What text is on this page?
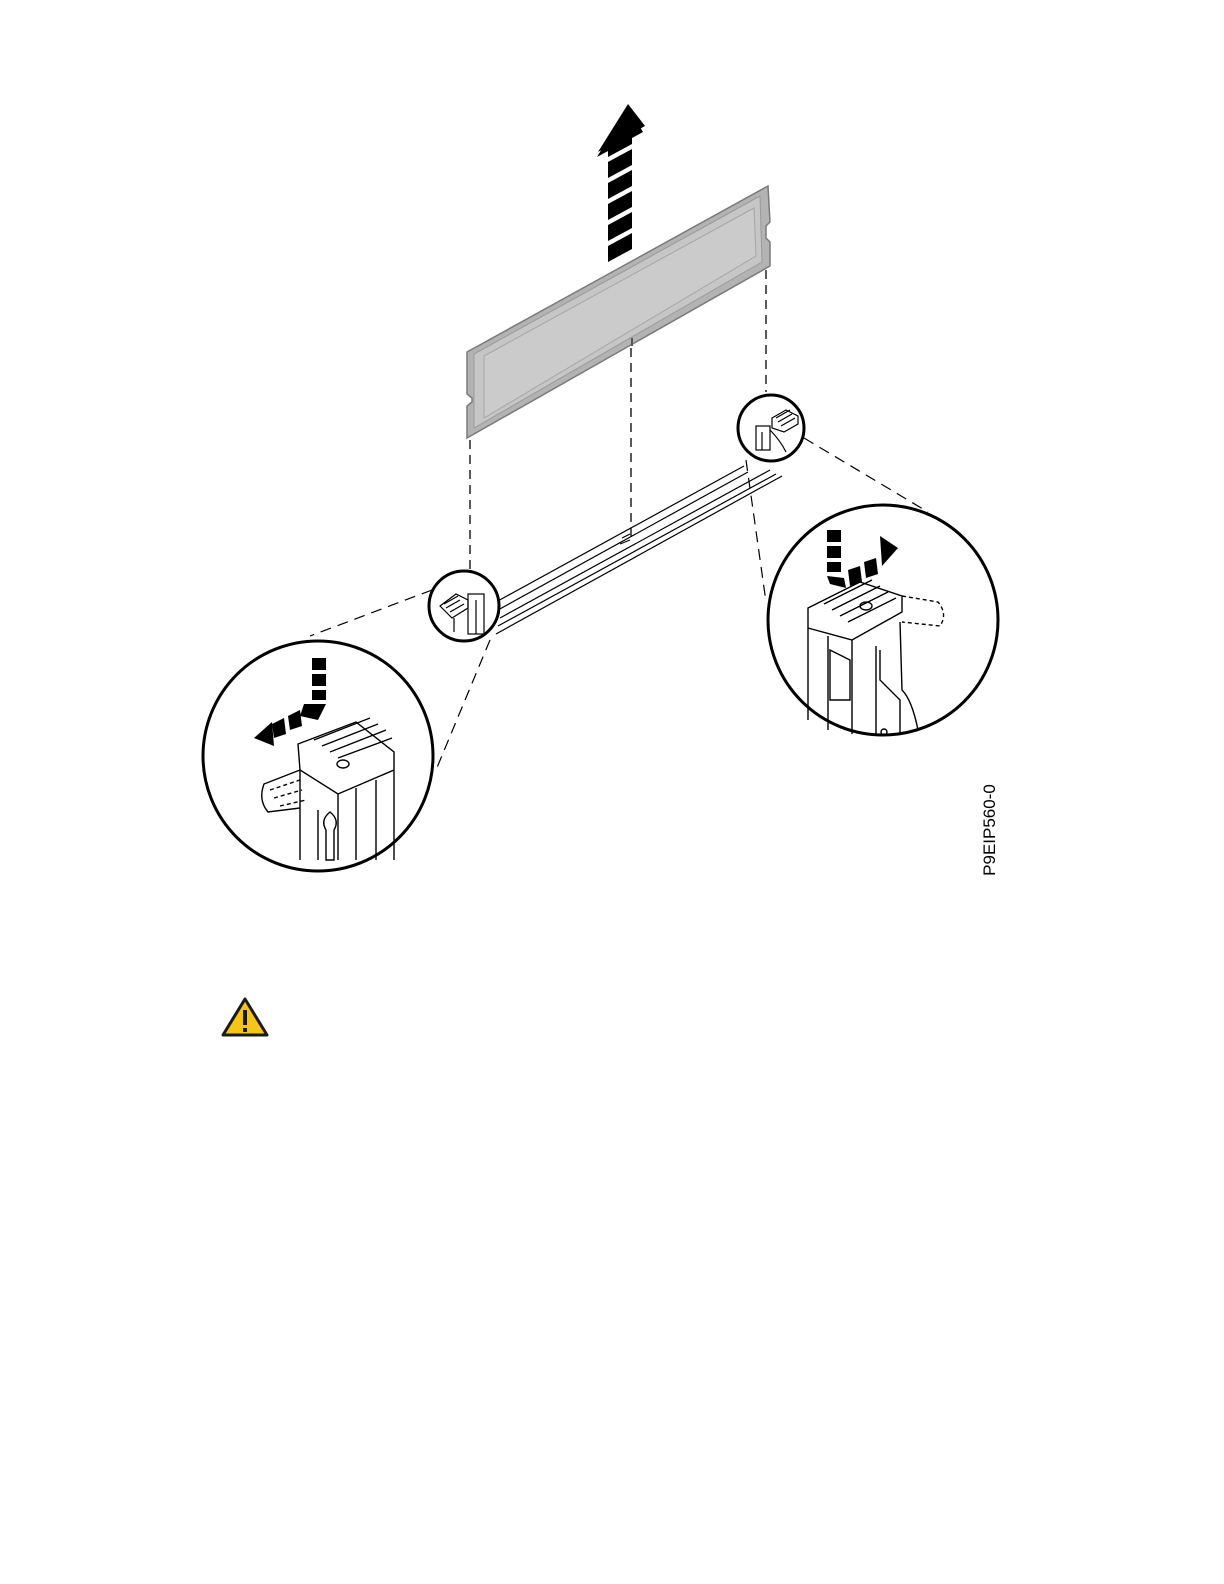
P9EIP560-0
